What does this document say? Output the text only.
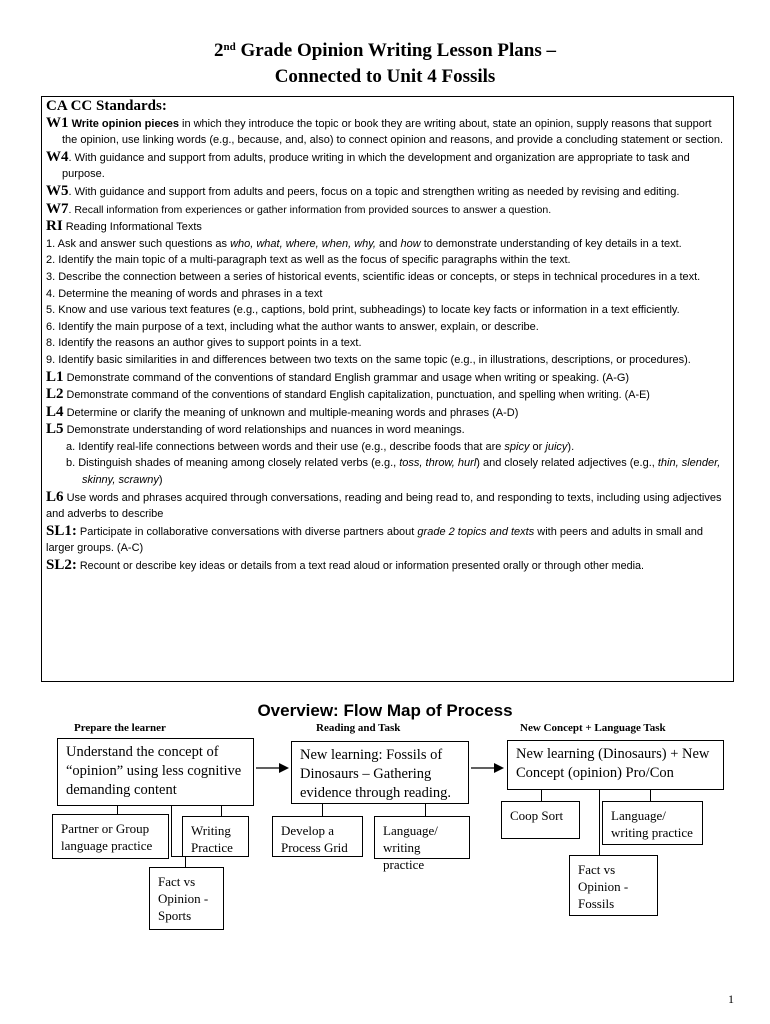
2nd Grade Opinion Writing Lesson Plans –
Connected to Unit 4 Fossils

CA CC Standards:

W1 Write opinion pieces in which they introduce the topic or book they are writing about, state an opinion, supply reasons that support the opinion, use linking words (e.g., because, and, also) to connect opinion and reasons, and provide a concluding statement or section.

W4. With guidance and support from adults, produce writing in which the development and organization are appropriate to task and purpose.

W5. With guidance and support from adults and peers, focus on a topic and strengthen writing as needed by revising and editing.

W7. Recall information from experiences or gather information from provided sources to answer a question.

RI Reading Informational Texts

1. Ask and answer such questions as who, what, where, when, why, and how to demonstrate understanding of key details in a text.

2. Identify the main topic of a multi-paragraph text as well as the focus of specific paragraphs within the text.

3. Describe the connection between a series of historical events, scientific ideas or concepts, or steps in technical procedures in a text.

4. Determine the meaning of words and phrases in a text

5. Know and use various text features (e.g., captions, bold print, subheadings) to locate key facts or information in a text efficiently.

6. Identify the main purpose of a text, including what the author wants to answer, explain, or describe.

8. Identify the reasons an author gives to support points in a text.

9. Identify basic similarities in and differences between two texts on the same topic (e.g., in illustrations, descriptions, or procedures).

L1 Demonstrate command of the conventions of standard English grammar and usage when writing or speaking. (A-G)

L2 Demonstrate command of the conventions of standard English capitalization, punctuation, and spelling when writing. (A-E)

L4 Determine or clarify the meaning of unknown and multiple-meaning words and phrases (A-D)

L5 Demonstrate understanding of word relationships and nuances in word meanings.

a. Identify real-life connections between words and their use (e.g., describe foods that are spicy or juicy).

b. Distinguish shades of meaning among closely related verbs (e.g., toss, throw, hurl) and closely related adjectives (e.g., thin, slender, skinny, scrawny)

L6 Use words and phrases acquired through conversations, reading and being read to, and responding to texts, including using adjectives and adverbs to describe

SL1: Participate in collaborative conversations with diverse partners about grade 2 topics and texts with peers and adults in small and larger groups. (A-C)

SL2: Recount or describe key ideas or details from a text read aloud or information presented orally or through other media.

Overview: Flow Map of Process
Prepare the learner	Reading and Task	New Concept + Language Task
Understand the concept of “opinion” using less cognitive demanding content
New learning: Fossils of Dinosaurs – Gathering evidence through reading.
New learning (Dinosaurs) + New Concept (opinion) Pro/Con
Partner or Group language practice
Writing Practice
Fact vs Opinion - Sports
Develop a Process Grid
Language/ writing practice
Coop Sort	Language/ writing practice
Fact vs Opinion - Fossils
1
